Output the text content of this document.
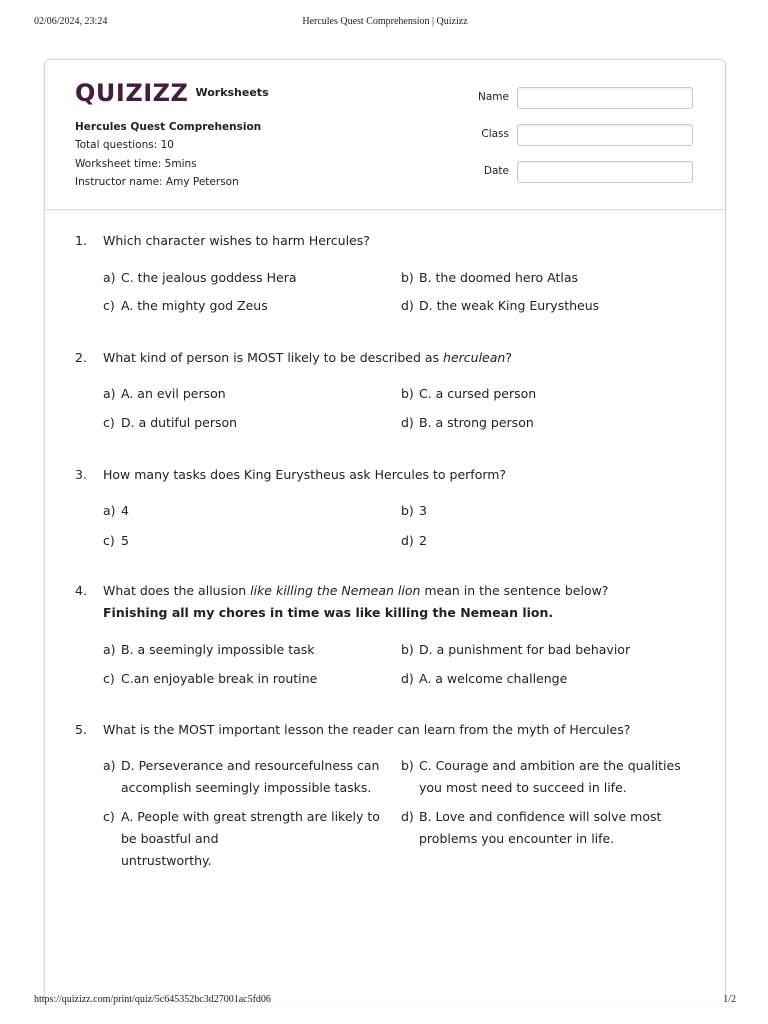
02/06/2024, 23:24	Hercules Quest Comprehension | Quizizz
QUIZIZZ Worksheets
Hercules Quest Comprehension
Total questions: 10
Worksheet time: 5mins
Instructor name: Amy Peterson
Name
Class
Date
1. Which character wishes to harm Hercules?
a) C. the jealous goddess Hera	b) B. the doomed hero Atlas
c) A. the mighty god Zeus	d) D. the weak King Eurystheus
2. What kind of person is MOST likely to be described as herculean?
a) A. an evil person	b) C. a cursed person
c) D. a dutiful person	d) B. a strong person
3. How many tasks does King Eurystheus ask Hercules to perform?
a) 4	b) 3
c) 5	d) 2
4. What does the allusion like killing the Nemean lion mean in the sentence below?
Finishing all my chores in time was like killing the Nemean lion.
a) B. a seemingly impossible task	b) D. a punishment for bad behavior
c) C.an enjoyable break in routine	d) A. a welcome challenge
5. What is the MOST important lesson the reader can learn from the myth of Hercules?
a) D. Perseverance and resourcefulness can accomplish seemingly impossible tasks.
b) C. Courage and ambition are the qualities you most need to succeed in life.
c) A. People with great strength are likely to be boastful and
untrustworthy.
d) B. Love and confidence will solve most problems you encounter in life.
https://quizizz.com/print/quiz/5c645352bc3d27001ac5fd06	1/2
